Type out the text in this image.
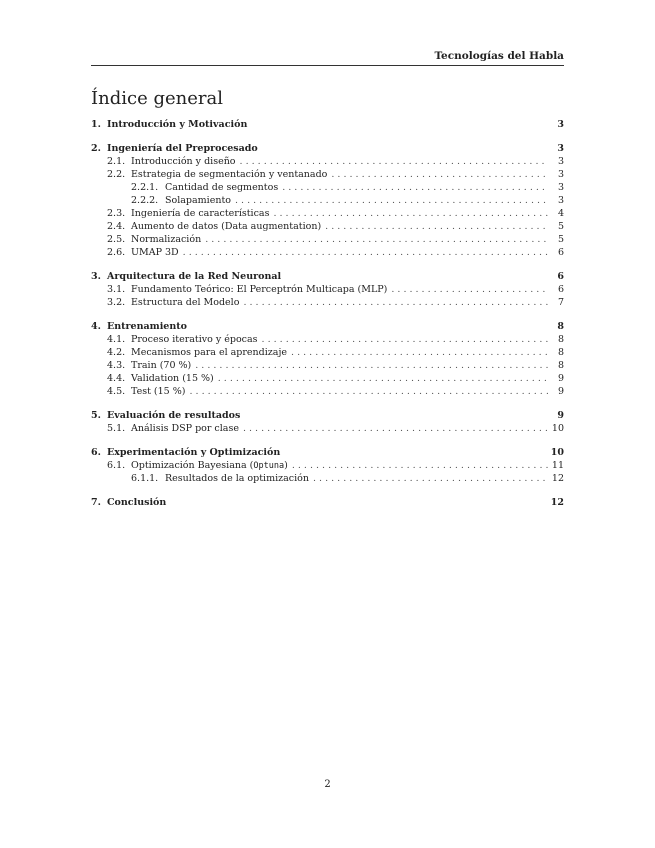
Tecnologías del Habla
Índice general
1. Introducción y Motivación	3
2. Ingeniería del Preprocesado	3
2.1. Introducción y diseño . . .	3
2.2. Estrategia de segmentación y ventanado . . .	3
2.2.1. Cantidad de segmentos . . .	3
2.2.2. Solapamiento . . .	3
2.3. Ingeniería de características . . .	4
2.4. Aumento de datos (Data augmentation) . . .	5
2.5. Normalización . . .	5
2.6. UMAP 3D . . .	6
3. Arquitectura de la Red Neuronal	6
3.1. Fundamento Teórico: El Perceptrón Multicapa (MLP) . . .	6
3.2. Estructura del Modelo . . .	7
4. Entrenamiento	8
4.1. Proceso iterativo y épocas . . .	8
4.2. Mecanismos para el aprendizaje . . .	8
4.3. Train (70 %) . . .	8
4.4. Validation (15 %) . . .	9
4.5. Test (15 %) . . .	9
5. Evaluación de resultados	9
5.1. Análisis DSP por clase . . .	10
6. Experimentación y Optimización	10
6.1. Optimización Bayesiana (Optuna) . . .	11
6.1.1. Resultados de la optimización . . .	12
7. Conclusión	12
2
